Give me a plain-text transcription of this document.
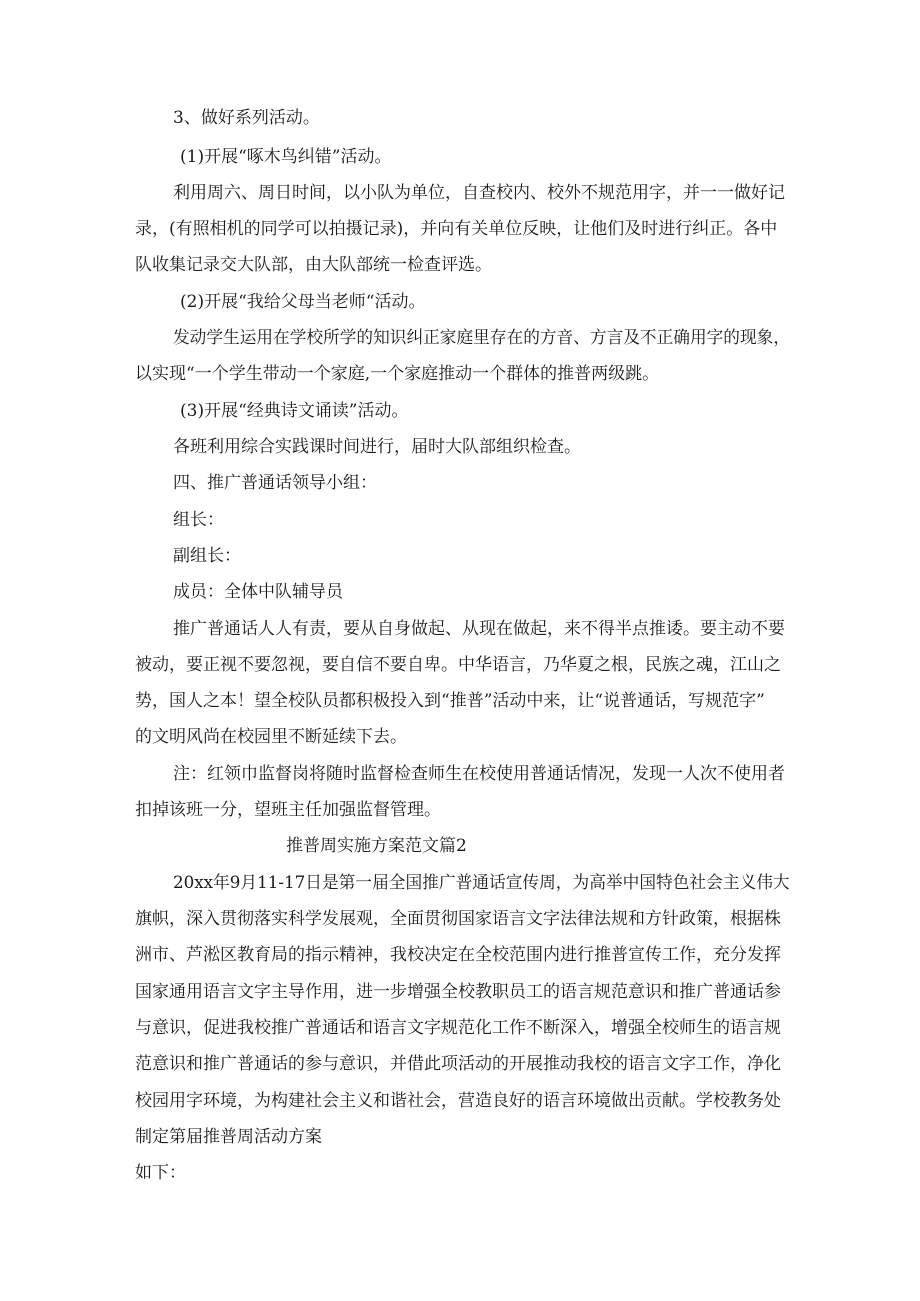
3、做好系列活动。

(1)开展“啄木鸟纠错”活动。

利用周六、周日时间，以小队为单位，自查校内、校外不规范用字，并一一做好记

录，(有照相机的同学可以拍摄记录)，并向有关单位反映，让他们及时进行纠正。各中

队收集记录交大队部，由大队部统一检查评选。

(2)开展“我给父母当老师“活动。

发动学生运用在学校所学的知识纠正家庭里存在的方音、方言及不正确用字的现象，

以实现“一个学生带动一个家庭,一个家庭推动一个群体的推普两级跳。

(3)开展“经典诗文诵读”活动。

各班利用综合实践课时间进行，届时大队部组织检查。

四、推广普通话领导小组：

组长：

副组长：

成员：全体中队辅导员

推广普通话人人有责，要从自身做起、从现在做起，来不得半点推诿。要主动不要

被动，要正视不要忽视，要自信不要自卑。中华语言，乃华夏之根，民族之魂，江山之

势，国人之本！望全校队员都积极投入到“推普”活动中来，让“说普通话，写规范字”

的文明风尚在校园里不断延续下去。

注：红领巾监督岗将随时监督检查师生在校使用普通话情况，发现一人次不使用者

扣掉该班一分，望班主任加强监督管理。

推普周实施方案范文篇2

20xx年9月11-17日是第一届全国推广普通话宣传周，为高举中国特色社会主义伟大

旗帜，深入贯彻落实科学发展观，全面贯彻国家语言文字法律法规和方针政策，根据株

洲市、芦淞区教育局的指示精神，我校决定在全校范围内进行推普宣传工作，充分发挥

国家通用语言文字主导作用，进一步增强全校教职员工的语言规范意识和推广普通话参

与意识，促进我校推广普通话和语言文字规范化工作不断深入，增强全校师生的语言规

范意识和推广普通话的参与意识，并借此项活动的开展推动我校的语言文字工作，净化

校园用字环境，为构建社会主义和谐社会，营造良好的语言环境做出贡献。学校教务处

制定第届推普周活动方案

如下：
